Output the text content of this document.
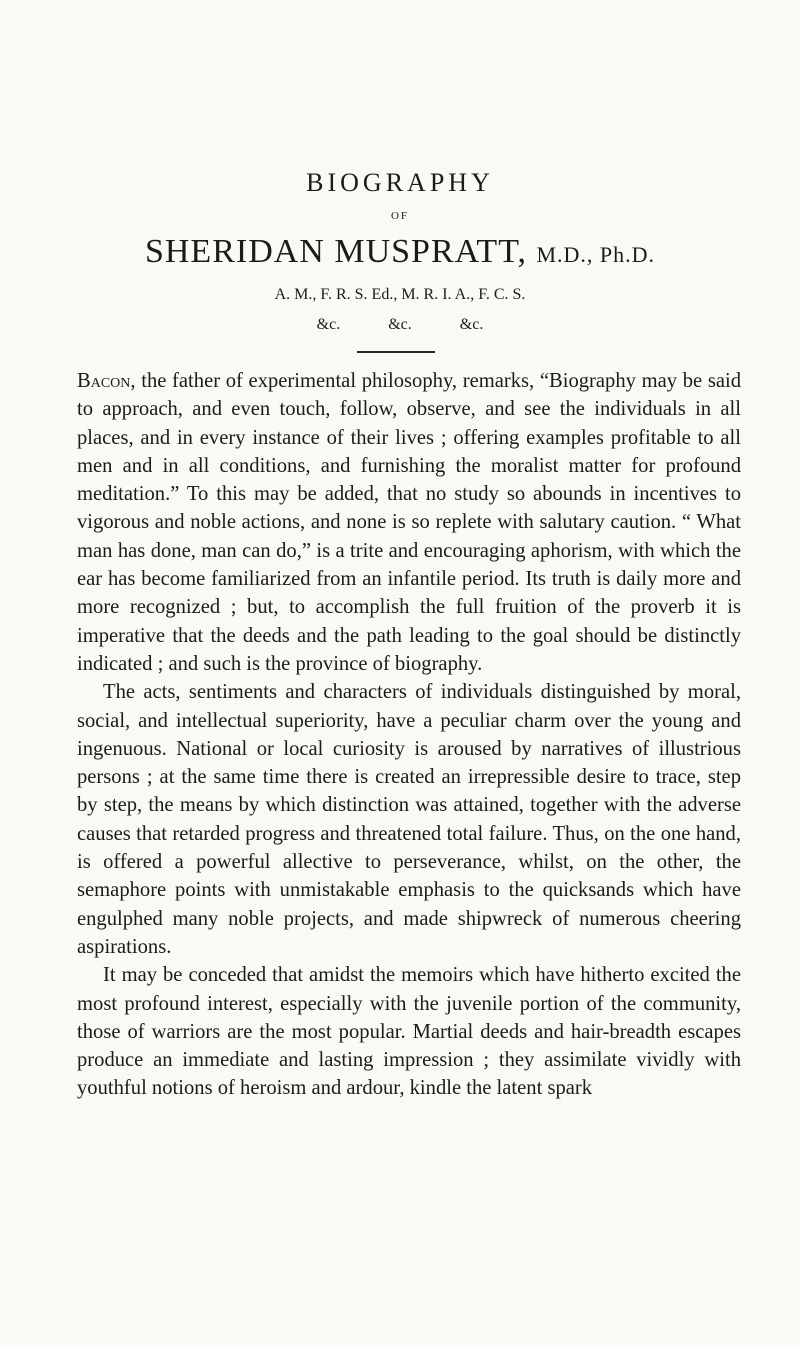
BIOGRAPHY
OF
SHERIDAN MUSPRATT, M.D., Ph.D.
A. M., F. R. S. Ed., M. R. I. A., F. C. S.
&c. &c. &c.

Bacon, the father of experimental philosophy, remarks, “Biography may be said to approach, and even touch, follow, observe, and see the individuals in all places, and in every instance of their lives ; offering examples profitable to all men and in all conditions, and furnishing the moralist matter for profound meditation.” To this may be added, that no study so abounds in incentives to vigorous and noble actions, and none is so replete with salutary caution. “ What man has done, man can do,” is a trite and encouraging aphorism, with which the ear has become familiarized from an infantile period. Its truth is daily more and more recognized ; but, to accomplish the full fruition of the proverb it is imperative that the deeds and the path leading to the goal should be distinctly indicated ; and such is the province of biography.

The acts, sentiments and characters of individuals distinguished by moral, social, and intellectual superiority, have a peculiar charm over the young and ingenuous. National or local curiosity is aroused by narratives of illustrious persons ; at the same time there is created an irrepressible desire to trace, step by step, the means by which distinction was attained, together with the adverse causes that retarded progress and threatened total failure. Thus, on the one hand, is offered a powerful allective to perseverance, whilst, on the other, the semaphore points with unmistakable emphasis to the quicksands which have engulphed many noble projects, and made shipwreck of numerous cheering aspirations.

It may be conceded that amidst the memoirs which have hitherto excited the most profound interest, especially with the juvenile portion of the community, those of warriors are the most popular. Martial deeds and hair-breadth escapes produce an immediate and lasting impression ; they assimilate vividly with youthful notions of heroism and ardour, kindle the latent spark
